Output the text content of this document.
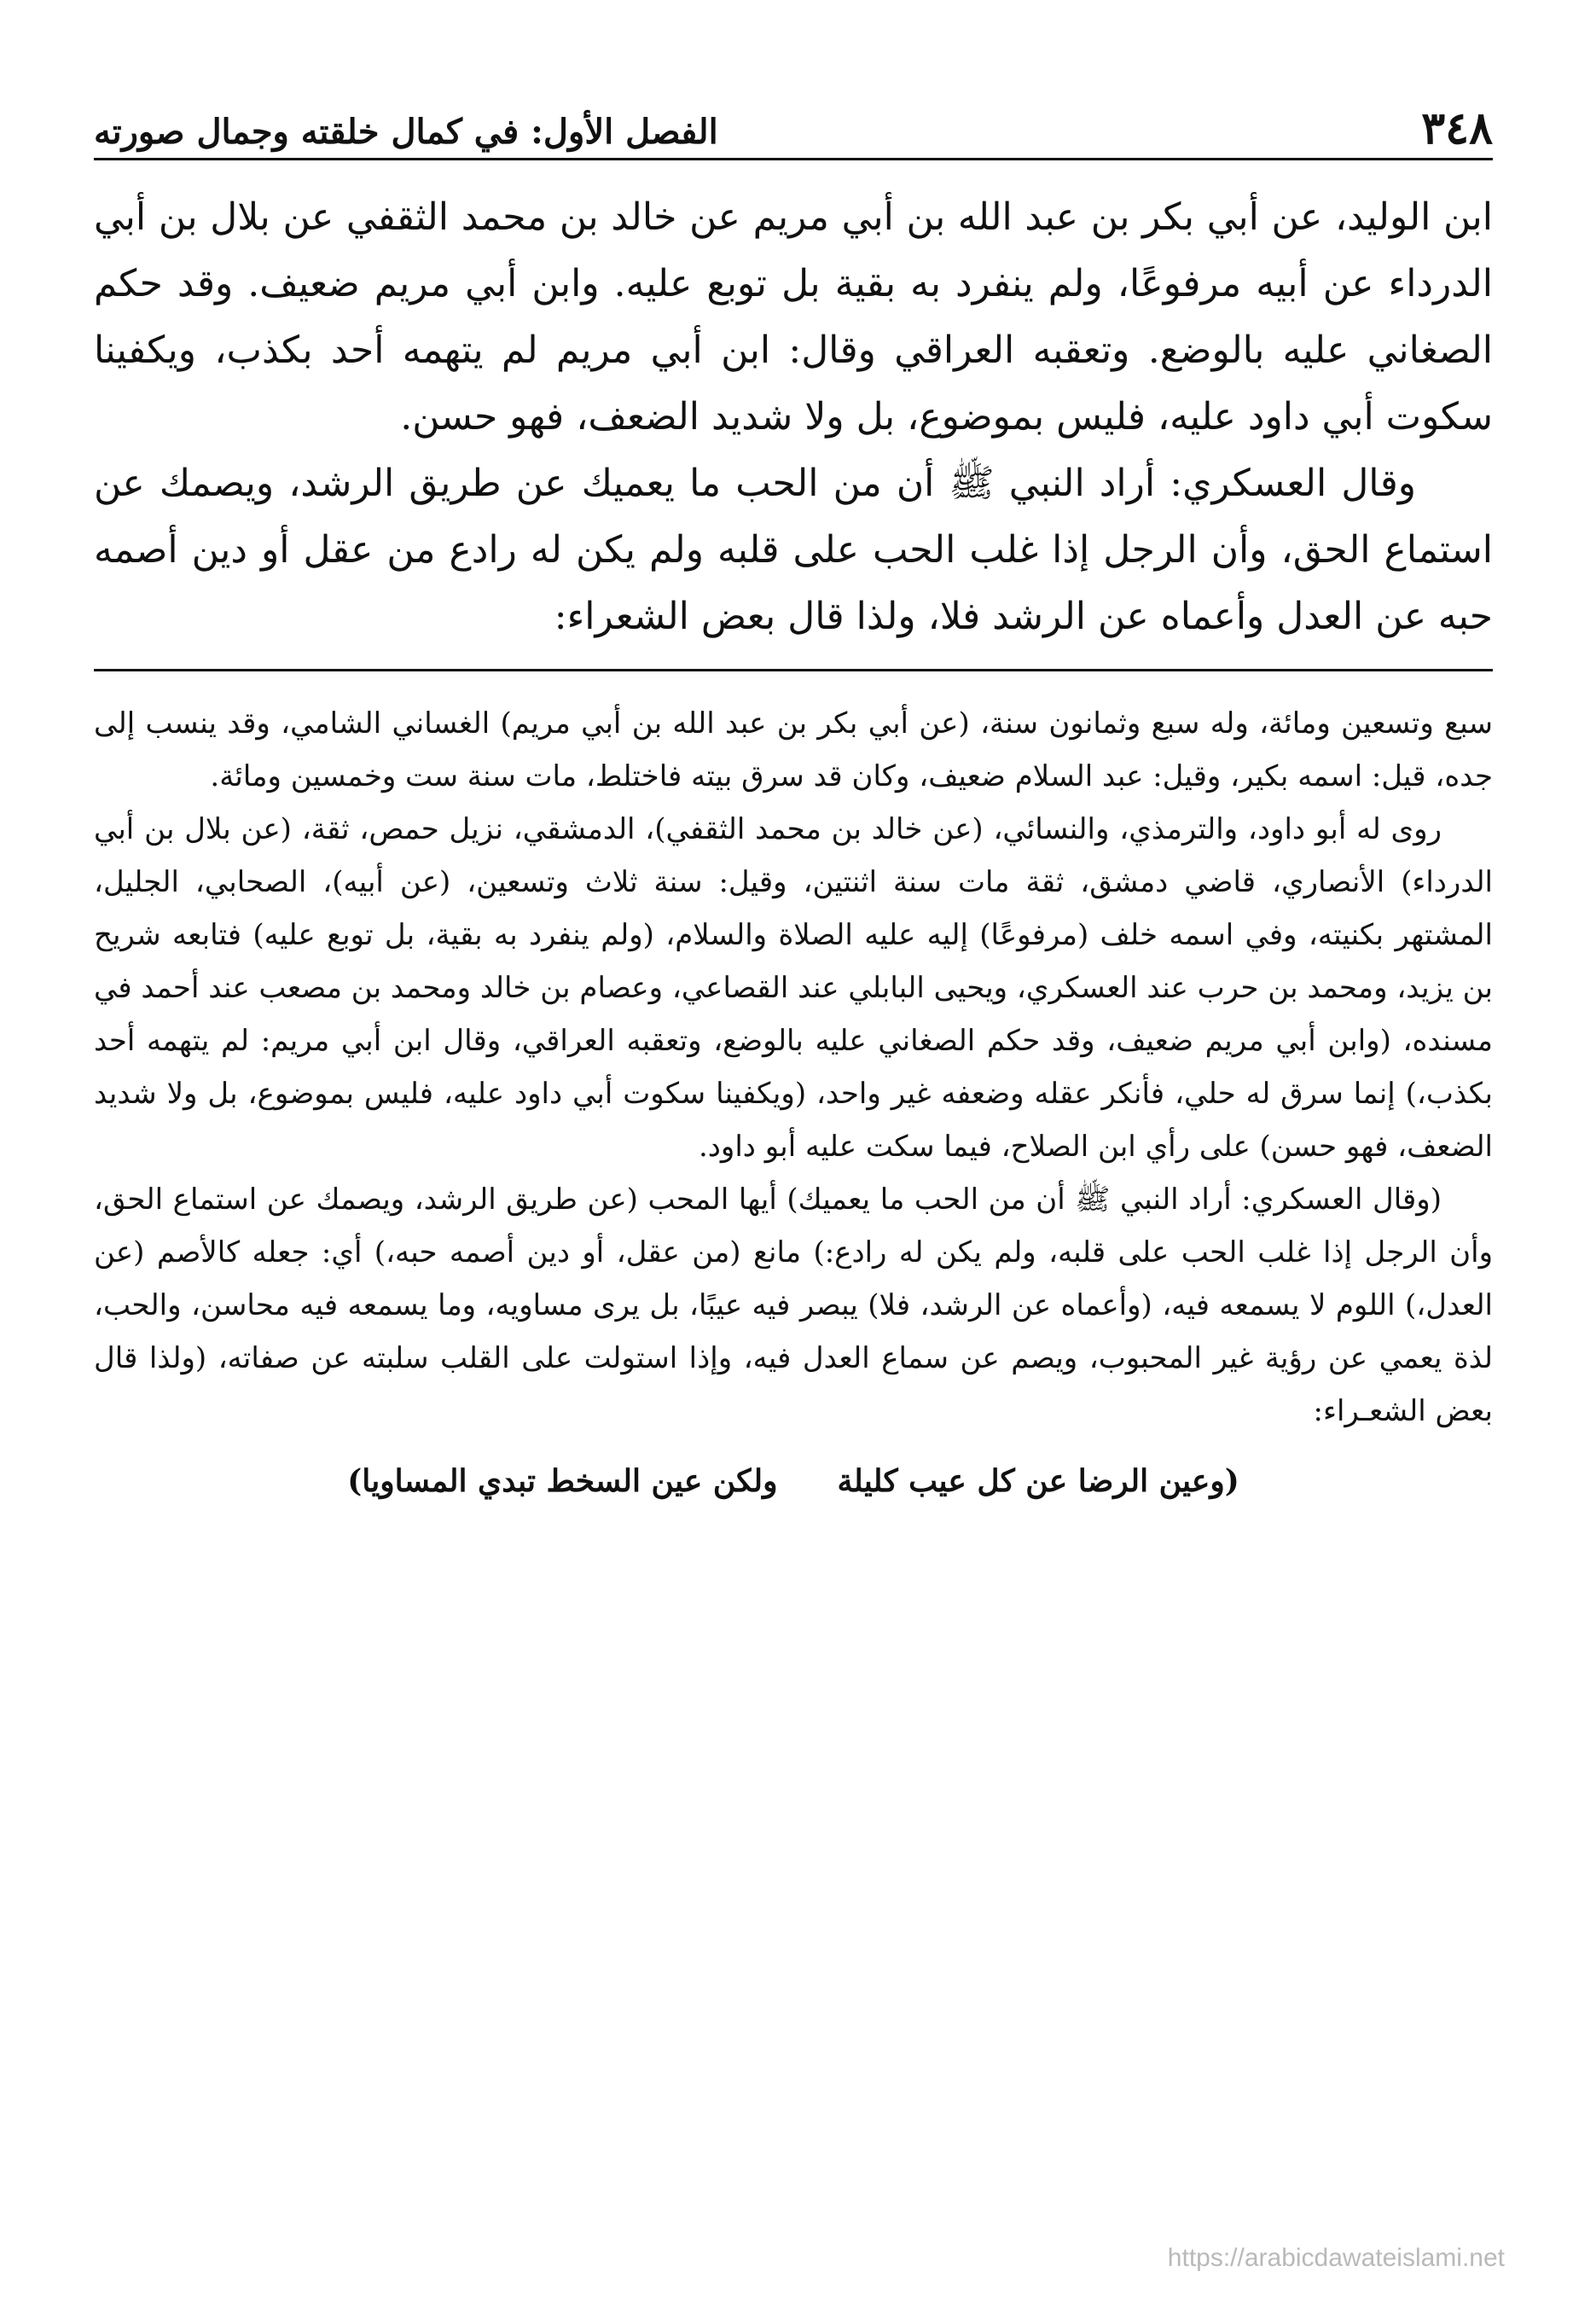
٣٤٨
الفصل الأول: في كمال خلقته وجمال صورته

ابن الوليد، عن أبي بكر بن عبد الله بن أبي مريم عن خالد بن محمد الثقفي عن بلال بن أبي الدرداء عن أبيه مرفوعًا، ولم ينفرد به بقية بل توبع عليه. وابن أبي مريم ضعيف. وقد حكم الصغاني عليه بالوضع. وتعقبه العراقي وقال: ابن أبي مريم لم يتهمه أحد بكذب، ويكفينا سكوت أبي داود عليه، فليس بموضوع، بل ولا شديد الضعف، فهو حسن.

وقال العسكري: أراد النبي ﷺ أن من الحب ما يعميك عن طريق الرشد، ويصمك عن استماع الحق، وأن الرجل إذا غلب الحب على قلبه ولم يكن له رادع من عقل أو دين أصمه حبه عن العدل وأعماه عن الرشد فلا، ولذا قال بعض الشعراء:

سبع وتسعين ومائة، وله سبع وثمانون سنة، (عن أبي بكر بن عبد الله بن أبي مريم) الغساني الشامي، وقد ينسب إلى جده، قيل: اسمه بكير، وقيل: عبد السلام ضعيف، وكان قد سرق بيته فاختلط، مات سنة ست وخمسين ومائة.

روى له أبو داود، والترمذي، والنسائي، (عن خالد بن محمد الثقفي)، الدمشقي، نزيل حمص، ثقة، (عن بلال بن أبي الدرداء) الأنصاري، قاضي دمشق، ثقة مات سنة اثنتين، وقيل: سنة ثلاث وتسعين، (عن أبيه)، الصحابي، الجليل، المشتهر بكنيته، وفي اسمه خلف (مرفوعًا) إليه عليه الصلاة والسلام، (ولم ينفرد به بقية، بل توبع عليه) فتابعه شريح بن يزيد، ومحمد بن حرب عند العسكري، ويحيى البابلي عند القصاعي، وعصام بن خالد ومحمد بن مصعب عند أحمد في مسنده، (وابن أبي مريم ضعيف، وقد حكم الصغاني عليه بالوضع، وتعقبه العراقي، وقال ابن أبي مريم: لم يتهمه أحد بكذب،) إنما سرق له حلي، فأنكر عقله وضعفه غير واحد، (ويكفينا سكوت أبي داود عليه، فليس بموضوع، بل ولا شديد الضعف، فهو حسن) على رأي ابن الصلاح، فيما سكت عليه أبو داود.

(وقال العسكري: أراد النبي ﷺ أن من الحب ما يعميك) أيها المحب (عن طريق الرشد، ويصمك عن استماع الحق، وأن الرجل إذا غلب الحب على قلبه، ولم يكن له رادع:) مانع (من عقل، أو دين أصمه حبه،) أي: جعله كالأصم (عن العدل،) اللوم لا يسمعه فيه، (وأعماه عن الرشد، فلا) يبصر فيه عيبًا، بل يرى مساويه، وما يسمعه فيه محاسن، والحب، لذة يعمي عن رؤية غير المحبوب، ويصم عن سماع العدل فيه، وإذا استولت على القلب سلبته عن صفاته، (ولذا قال بعض الشعـراء:

(وعين الرضا عن كل عيب كليلة
ولكن عين السخط تبدي المساويا)
https://arabicdawateislami.net
